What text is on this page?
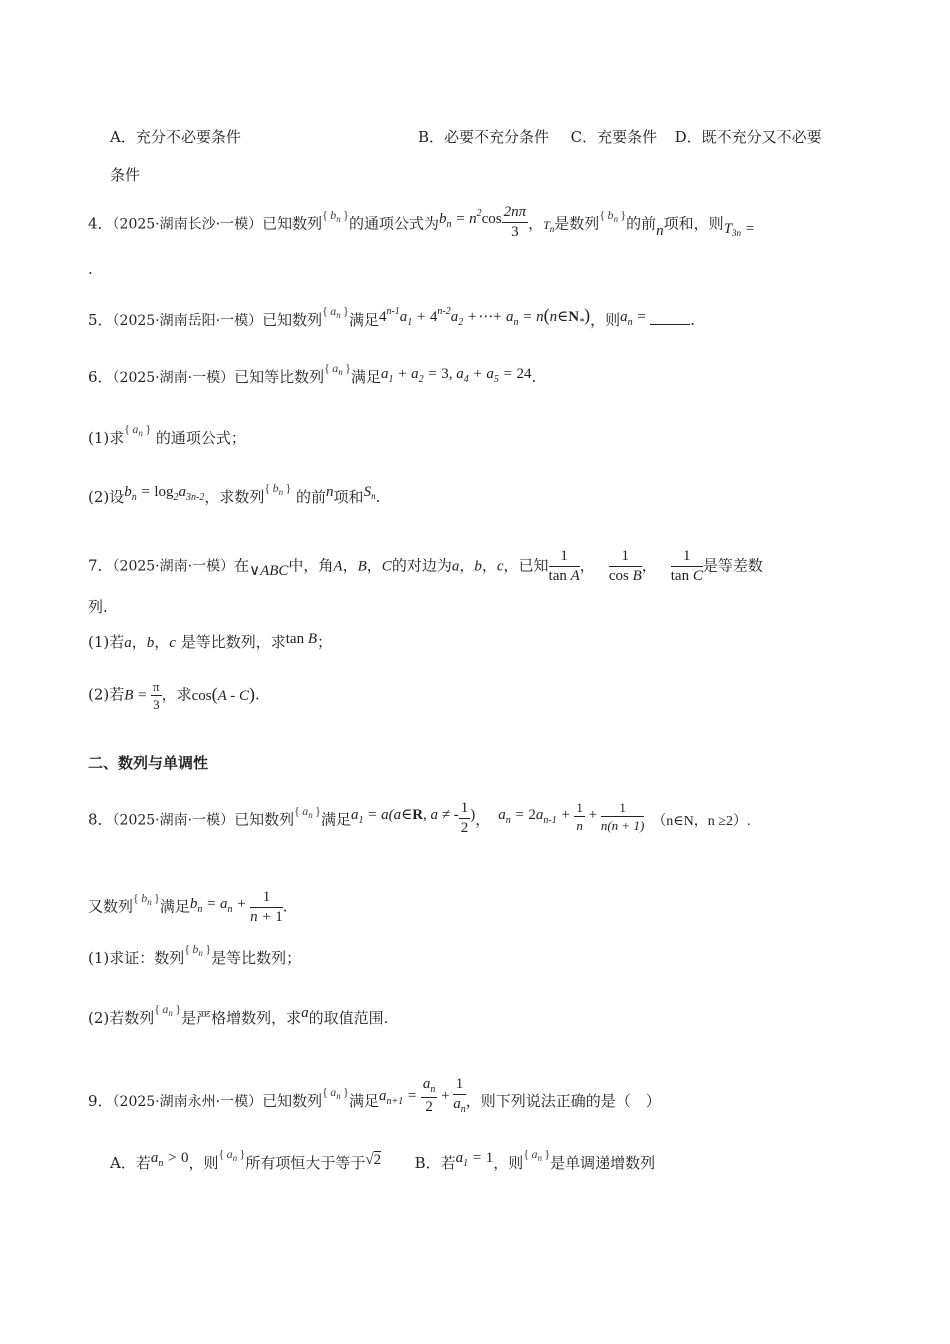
A．充分不必要条件	B．必要不充分条件 C．充要条件 D．既不充分又不必要
条件
4．（2025·湖南长沙·一模）已知数列{ $b_n$ }的通项公式为$b_n = n^2\cos \frac{2n\pi}{3}$ ，$T_n$是数列{ $b_n$ }的前n项和，则$T_{3n}$ =
.
5．（2025·湖南岳阳·一模）已知数列{ $a_n$ }满足$4^{n-1}a_1 + 4^{n-2}a_2$ +⋯+ $a_n$ = $n(n\in N_*)$，则$a_n$ =	.
6．（2025·湖南·一模）已知等比数列{ $a_n$ }满足$a_1 + a_2 = 3$, $a_4 + a_5 = 24$.
(1)求{ $a_n$ } 的通项公式；
(2)设$b_n = \log_2a_{3n-2}$，求数列{ $b_n$ } 的前n项和$S_n$.
7．（2025·湖南·一模）在∨ABC中，角A，B，C的对边为a，b，c，已知 $\frac{1}{\text{tan A}}$ ， $\frac{1}{\text{cos B}}$ ， $\frac{1}{\text{tan C}}$ 是等差数
列.
(1)若a，b，c 是等比数列，求tan B；
(2)若$B = \frac{\pi}{3}$ ，求cos(A - C).
二、数列与单调性
8．（2025·湖南·一模）已知数列{ $a_n$ }满足$a_1$ = a(a∈R, a ≠ - $\frac{1}{2}$ )， $a_n = 2a_{n-1} + \frac{1}{n} + \frac{1}{n(n + 1)}$ （n∈N，n ≥2）.
又数列{ $b_n$ }满足$b_n = a_n + \frac{1}{n + 1}$ .
(1)求证：数列{ $b_n$ }是等比数列；
(2)若数列{ $a_n$ }是严格增数列，求a的取值范围.
9．（2025·湖南永州·一模）已知数列{ $a_n$ }满足$a_{n+1} = \frac{a_n}{2} + \frac{1}{a_n}$ ，则下列说法正确的是（　）
A．若$a_n > 0$，则{ $a_n$ }所有项恒大于等于√2 B．若$a_1 = 1$，则{ $a_n$ }是单调递增数列
